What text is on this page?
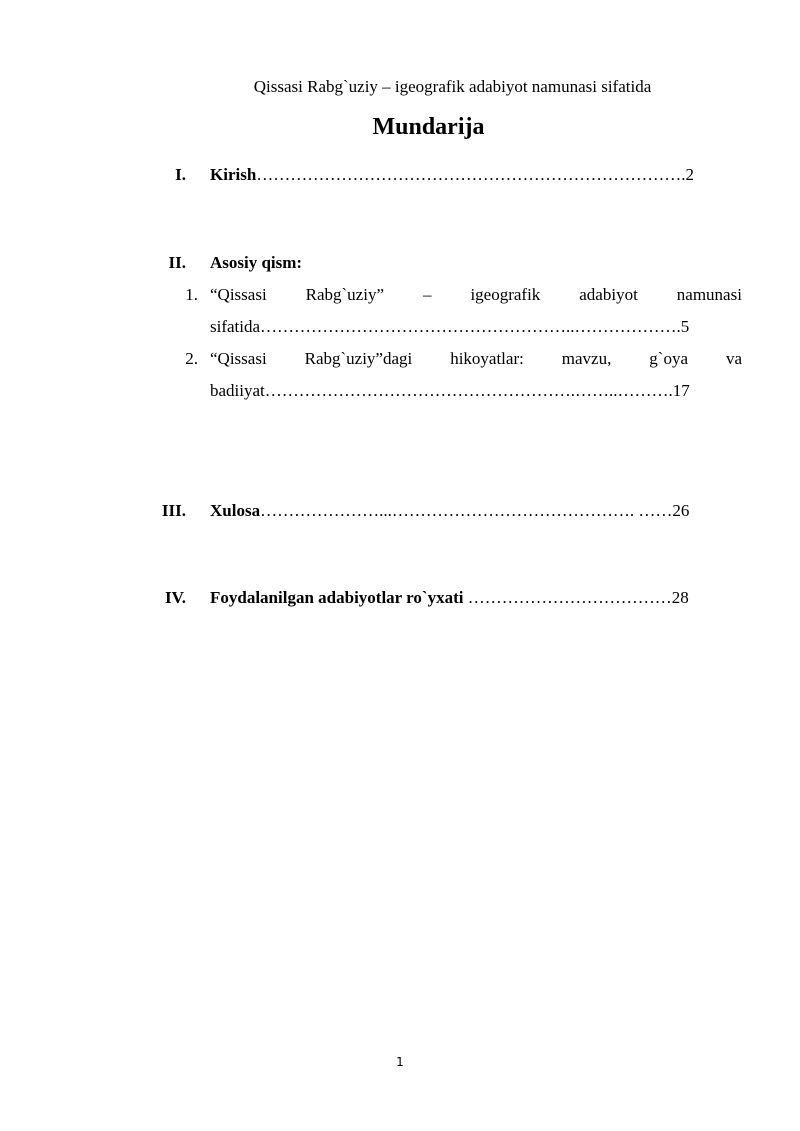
Qissasi Rabg`uziy – igeografik adabiyot namunasi sifatida
Mundarija
I. Kirish………………………………………………………………….2
II. Asosiy qism:
1. “Qissasi Rabg`uziy” – igeografik adabiyot namunasi
sifatida………………………………………………..……………….5
2. “Qissasi Rabg`uziy”dagi hikoyatlar: mavzu, g`oya va
badiiyat……………………………………………….……..……….17
III. Xulosa…………………...……………………………………. ……26
IV. Foydalanilgan adabiyotlar ro`yxati ………………………………28
1
